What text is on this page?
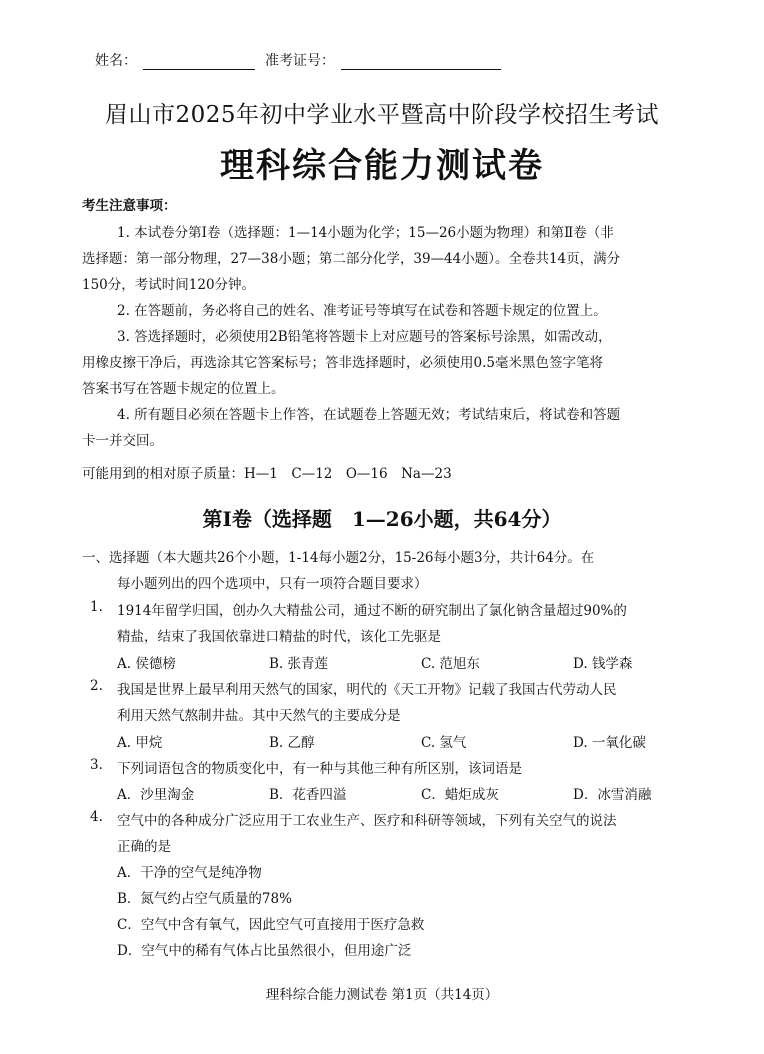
姓名：	准考证号：
眉山市2025年初中学业水平暨高中阶段学校招生考试
理科综合能力测试卷
考生注意事项：
1. 本试卷分第Ⅰ卷（选择题：1—14小题为化学；15—26小题为物理）和第Ⅱ卷（非
选择题：第一部分物理，27—38小题；第二部分化学，39—44小题）。全卷共14页，满分
150分，考试时间120分钟。
2. 在答题前，务必将自己的姓名、准考证号等填写在试卷和答题卡规定的位置上。
3. 答选择题时，必须使用2B铅笔将答题卡上对应题号的答案标号涂黑，如需改动，
用橡皮擦干净后，再选涂其它答案标号；答非选择题时，必须使用0.5毫米黑色签字笔将
答案书写在答题卡规定的位置上。
4. 所有题目必须在答题卡上作答，在试题卷上答题无效；考试结束后，将试卷和答题
卡一并交回。
可能用到的相对原子质量：H—1　C—12　O—16　Na—23
第Ⅰ卷（选择题　1—26小题，共64分）
一、选择题（本大题共26个小题，1-14每小题2分，15-26每小题3分，共计64分。在
每小题列出的四个选项中，只有一项符合题目要求）
1. 1914年留学归国，创办久大精盐公司，通过不断的研究制出了氯化钠含量超过90%的
精盐，结束了我国依靠进口精盐的时代，该化工先驱是
A. 侯德榜	B. 张青莲	C. 范旭东	D. 钱学森
2. 我国是世界上最早利用天然气的国家，明代的《天工开物》记载了我国古代劳动人民
利用天然气熬制井盐。其中天然气的主要成分是
A. 甲烷	B. 乙醇	C. 氢气	D. 一氧化碳
3. 下列词语包含的物质变化中，有一种与其他三种有所区别，该词语是
A．沙里淘金	B．花香四溢	C．蜡炬成灰	D．冰雪消融
4. 空气中的各种成分广泛应用于工农业生产、医疗和科研等领域，下列有关空气的说法
正确的是
A．干净的空气是纯净物
B．氮气约占空气质量的78%
C．空气中含有氧气，因此空气可直接用于医疗急救
D．空气中的稀有气体占比虽然很小，但用途广泛
理科综合能力测试卷 第1页（共14页）
